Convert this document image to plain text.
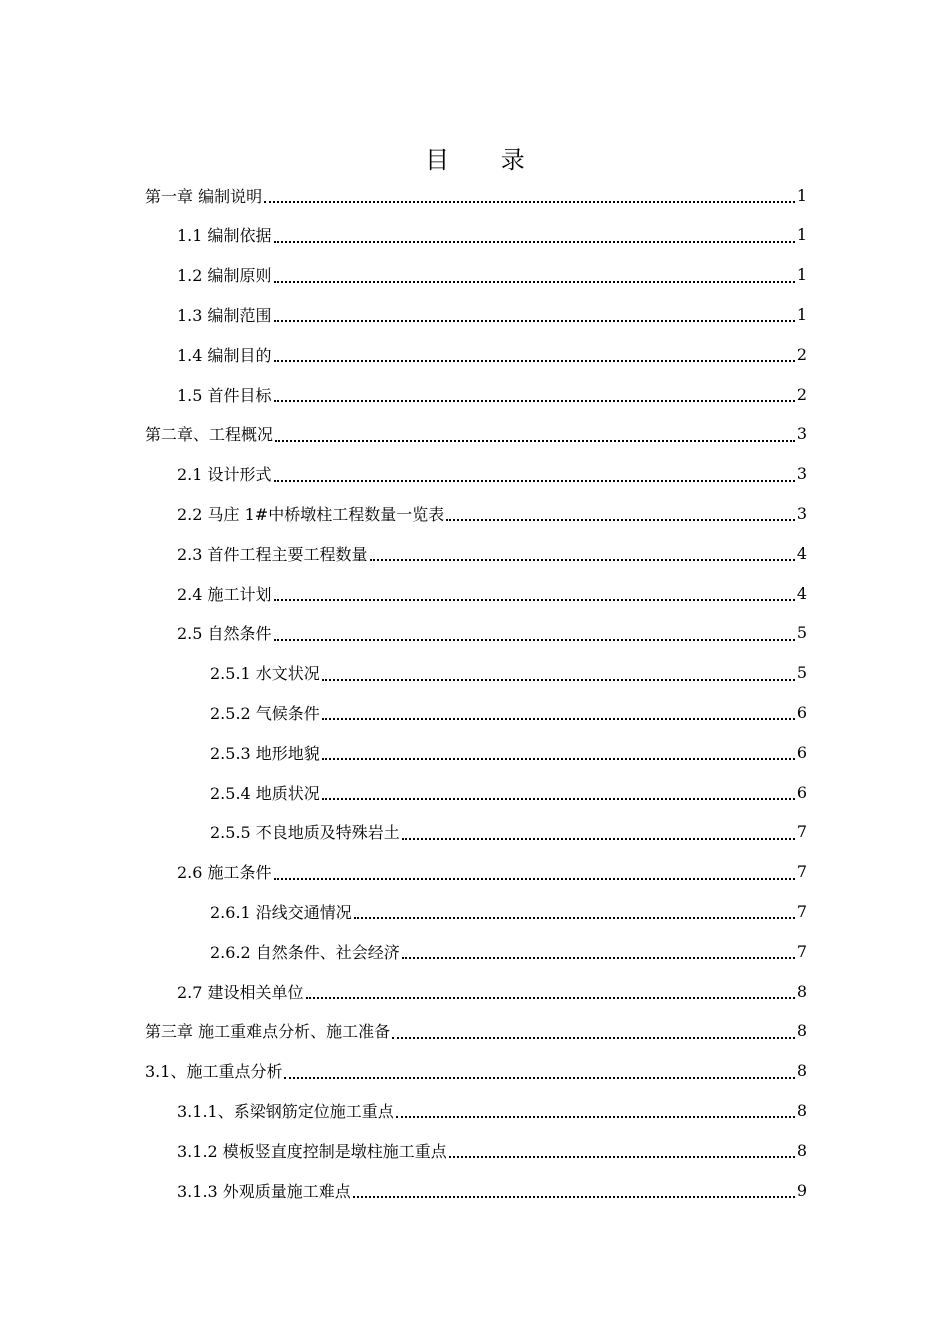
目 录
第一章 编制说明	1
1.1 编制依据	1
1.2 编制原则	1
1.3 编制范围	1
1.4 编制目的	2
1.5 首件目标	2
第二章、工程概况	3
2.1 设计形式	3
2.2 马庄 1#中桥墩柱工程数量一览表	3
2.3 首件工程主要工程数量	4
2.4 施工计划	4
2.5 自然条件	5
2.5.1 水文状况	5
2.5.2 气候条件	6
2.5.3 地形地貌	6
2.5.4 地质状况	6
2.5.5 不良地质及特殊岩土	7
2.6 施工条件	7
2.6.1 沿线交通情况	7
2.6.2 自然条件、社会经济	7
2.7 建设相关单位	8
第三章 施工重难点分析、施工准备	8
3.1、施工重点分析	8
3.1.1、系梁钢筋定位施工重点	8
3.1.2 模板竖直度控制是墩柱施工重点	8
3.1.3 外观质量施工难点	9
